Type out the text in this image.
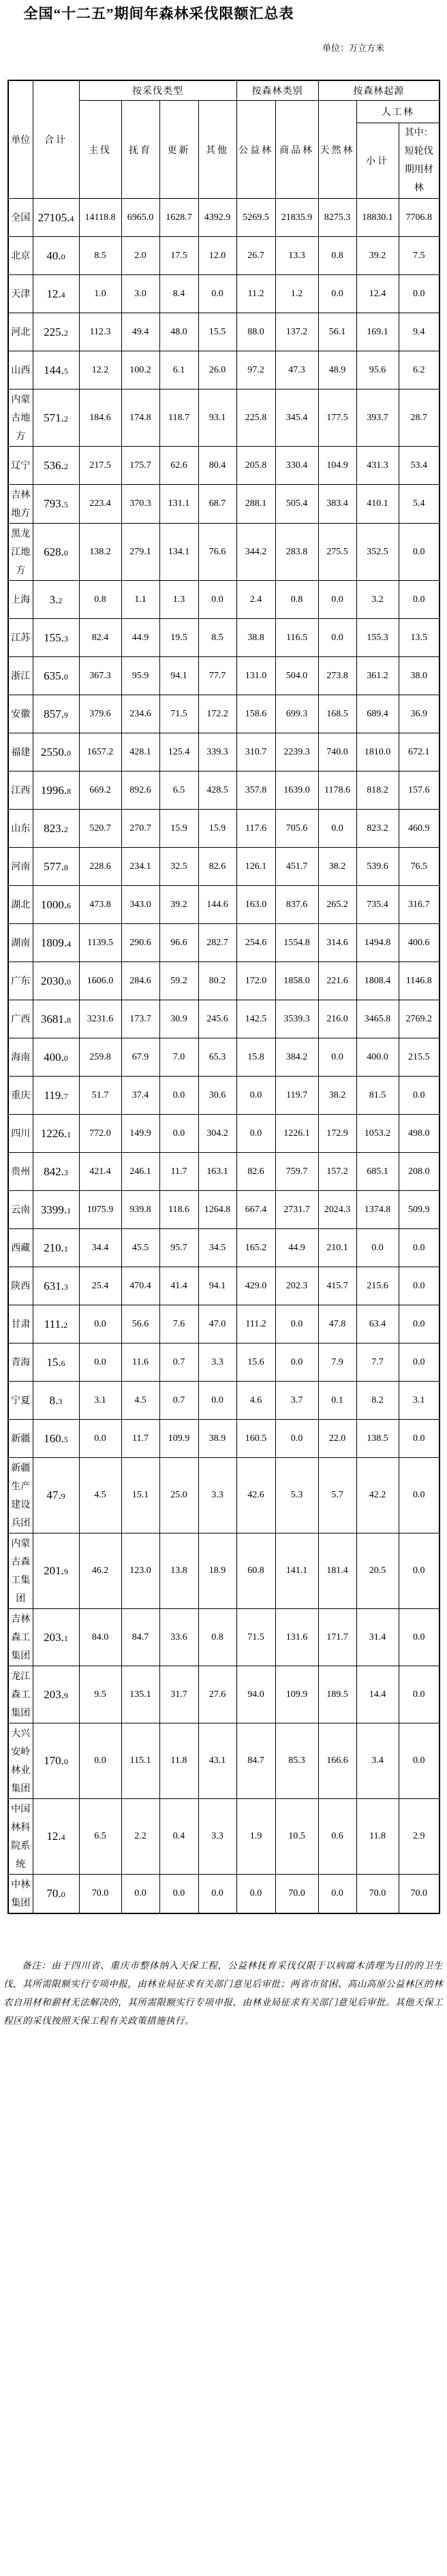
全国“十二五”期间年森林采伐限额汇总表
单位：万立方米
单位	合计	按采伐类型				按森林类别		按森林起源		
		主伐	抚育	更新	其他	公益林	商品林	天然林	人工林	
									小计	其中：短轮伐期用材林
全国	27105.4	14118.8	6965.0	1628.7	4392.9	5269.5	21835.9	8275.3	18830.1	7706.8
北京	40.0	8.5	2.0	17.5	12.0	26.7	13.3	0.8	39.2	7.5
天津	12.4	1.0	3.0	8.4	0.0	11.2	1.2	0.0	12.4	0.0
河北	225.2	112.3	49.4	48.0	15.5	88.0	137.2	56.1	169.1	9.4
山西	144.5	12.2	100.2	6.1	26.0	97.2	47.3	48.9	95.6	6.2
内蒙古地方	571.2	184.6	174.8	118.7	93.1	225.8	345.4	177.5	393.7	28.7
辽宁	536.2	217.5	175.7	62.6	80.4	205.8	330.4	104.9	431.3	53.4
吉林地方	793.5	223.4	370.3	131.1	68.7	288.1	505.4	383.4	410.1	5.4
黑龙江地方	628.0	138.2	279.1	134.1	76.6	344.2	283.8	275.5	352.5	0.0
上海	3.2	0.8	1.1	1.3	0.0	2.4	0.8	0.0	3.2	0.0
江苏	155.3	82.4	44.9	19.5	8.5	38.8	116.5	0.0	155.3	13.5
浙江	635.0	367.3	95.9	94.1	77.7	131.0	504.0	273.8	361.2	38.0
安徽	857.9	379.6	234.6	71.5	172.2	158.6	699.3	168.5	689.4	36.9
福建	2550.0	1657.2	428.1	125.4	339.3	310.7	2239.3	740.0	1810.0	672.1
江西	1996.8	669.2	892.6	6.5	428.5	357.8	1639.0	1178.6	818.2	157.6
山东	823.2	520.7	270.7	15.9	15.9	117.6	705.6	0.0	823.2	460.9
河南	577.8	228.6	234.1	32.5	82.6	126.1	451.7	38.2	539.6	76.5
湖北	1000.6	473.8	343.0	39.2	144.6	163.0	837.6	265.2	735.4	316.7
湖南	1809.4	1139.5	290.6	96.6	282.7	254.6	1554.8	314.6	1494.8	400.6
广东	2030.0	1606.0	284.6	59.2	80.2	172.0	1858.0	221.6	1808.4	1146.8
广西	3681.8	3231.6	173.7	30.9	245.6	142.5	3539.3	216.0	3465.8	2769.2
海南	400.0	259.8	67.9	7.0	65.3	15.8	384.2	0.0	400.0	215.5
重庆	119.7	51.7	37.4	0.0	30.6	0.0	119.7	38.2	81.5	0.0
四川	1226.1	772.0	149.9	0.0	304.2	0.0	1226.1	172.9	1053.2	498.0
贵州	842.3	421.4	246.1	11.7	163.1	82.6	759.7	157.2	685.1	208.0
云南	3399.1	1075.9	939.8	118.6	1264.8	667.4	2731.7	2024.3	1374.8	509.9
西藏	210.1	34.4	45.5	95.7	34.5	165.2	44.9	210.1	0.0	0.0
陕西	631.3	25.4	470.4	41.4	94.1	429.0	202.3	415.7	215.6	0.0
甘肃	111.2	0.0	56.6	7.6	47.0	111.2	0.0	47.8	63.4	0.0
青海	15.6	0.0	11.6	0.7	3.3	15.6	0.0	7.9	7.7	0.0
宁夏	8.3	3.1	4.5	0.7	0.0	4.6	3.7	0.1	8.2	3.1
新疆	160.5	0.0	11.7	109.9	38.9	160.5	0.0	22.0	138.5	0.0
新疆生产建设兵团	47.9	4.5	15.1	25.0	3.3	42.6	5.3	5.7	42.2	0.0
内蒙古森工集团	201.9	46.2	123.0	13.8	18.9	60.8	141.1	181.4	20.5	0.0
吉林森工集团	203.1	84.0	84.7	33.6	0.8	71.5	131.6	171.7	31.4	0.0
龙江森工集团	203.9	9.5	135.1	31.7	27.6	94.0	109.9	189.5	14.4	0.0
大兴安岭林业集团	170.0	0.0	115.1	11.8	43.1	84.7	85.3	166.6	3.4	0.0
中国林科院系统	12.4	6.5	2.2	0.4	3.3	1.9	10.5	0.6	11.8	2.9
中林集团	70.0	70.0	0.0	0.0	0.0	0.0	70.0	0.0	70.0	70.0

备注：由于四川省、重庆市整体纳入天保工程，公益林抚育采伐仅限于以病腐木清理为目的的卫生伐，其所需限额实行专项申报，由林业局征求有关部门意见后审批；两省市贫困、高山高原公益林区的林农自用材和薪材无法解决的，其所需限额实行专项申报，由林业局征求有关部门意见后审批。其他天保工程区的采伐按照天保工程有关政策措施执行。
